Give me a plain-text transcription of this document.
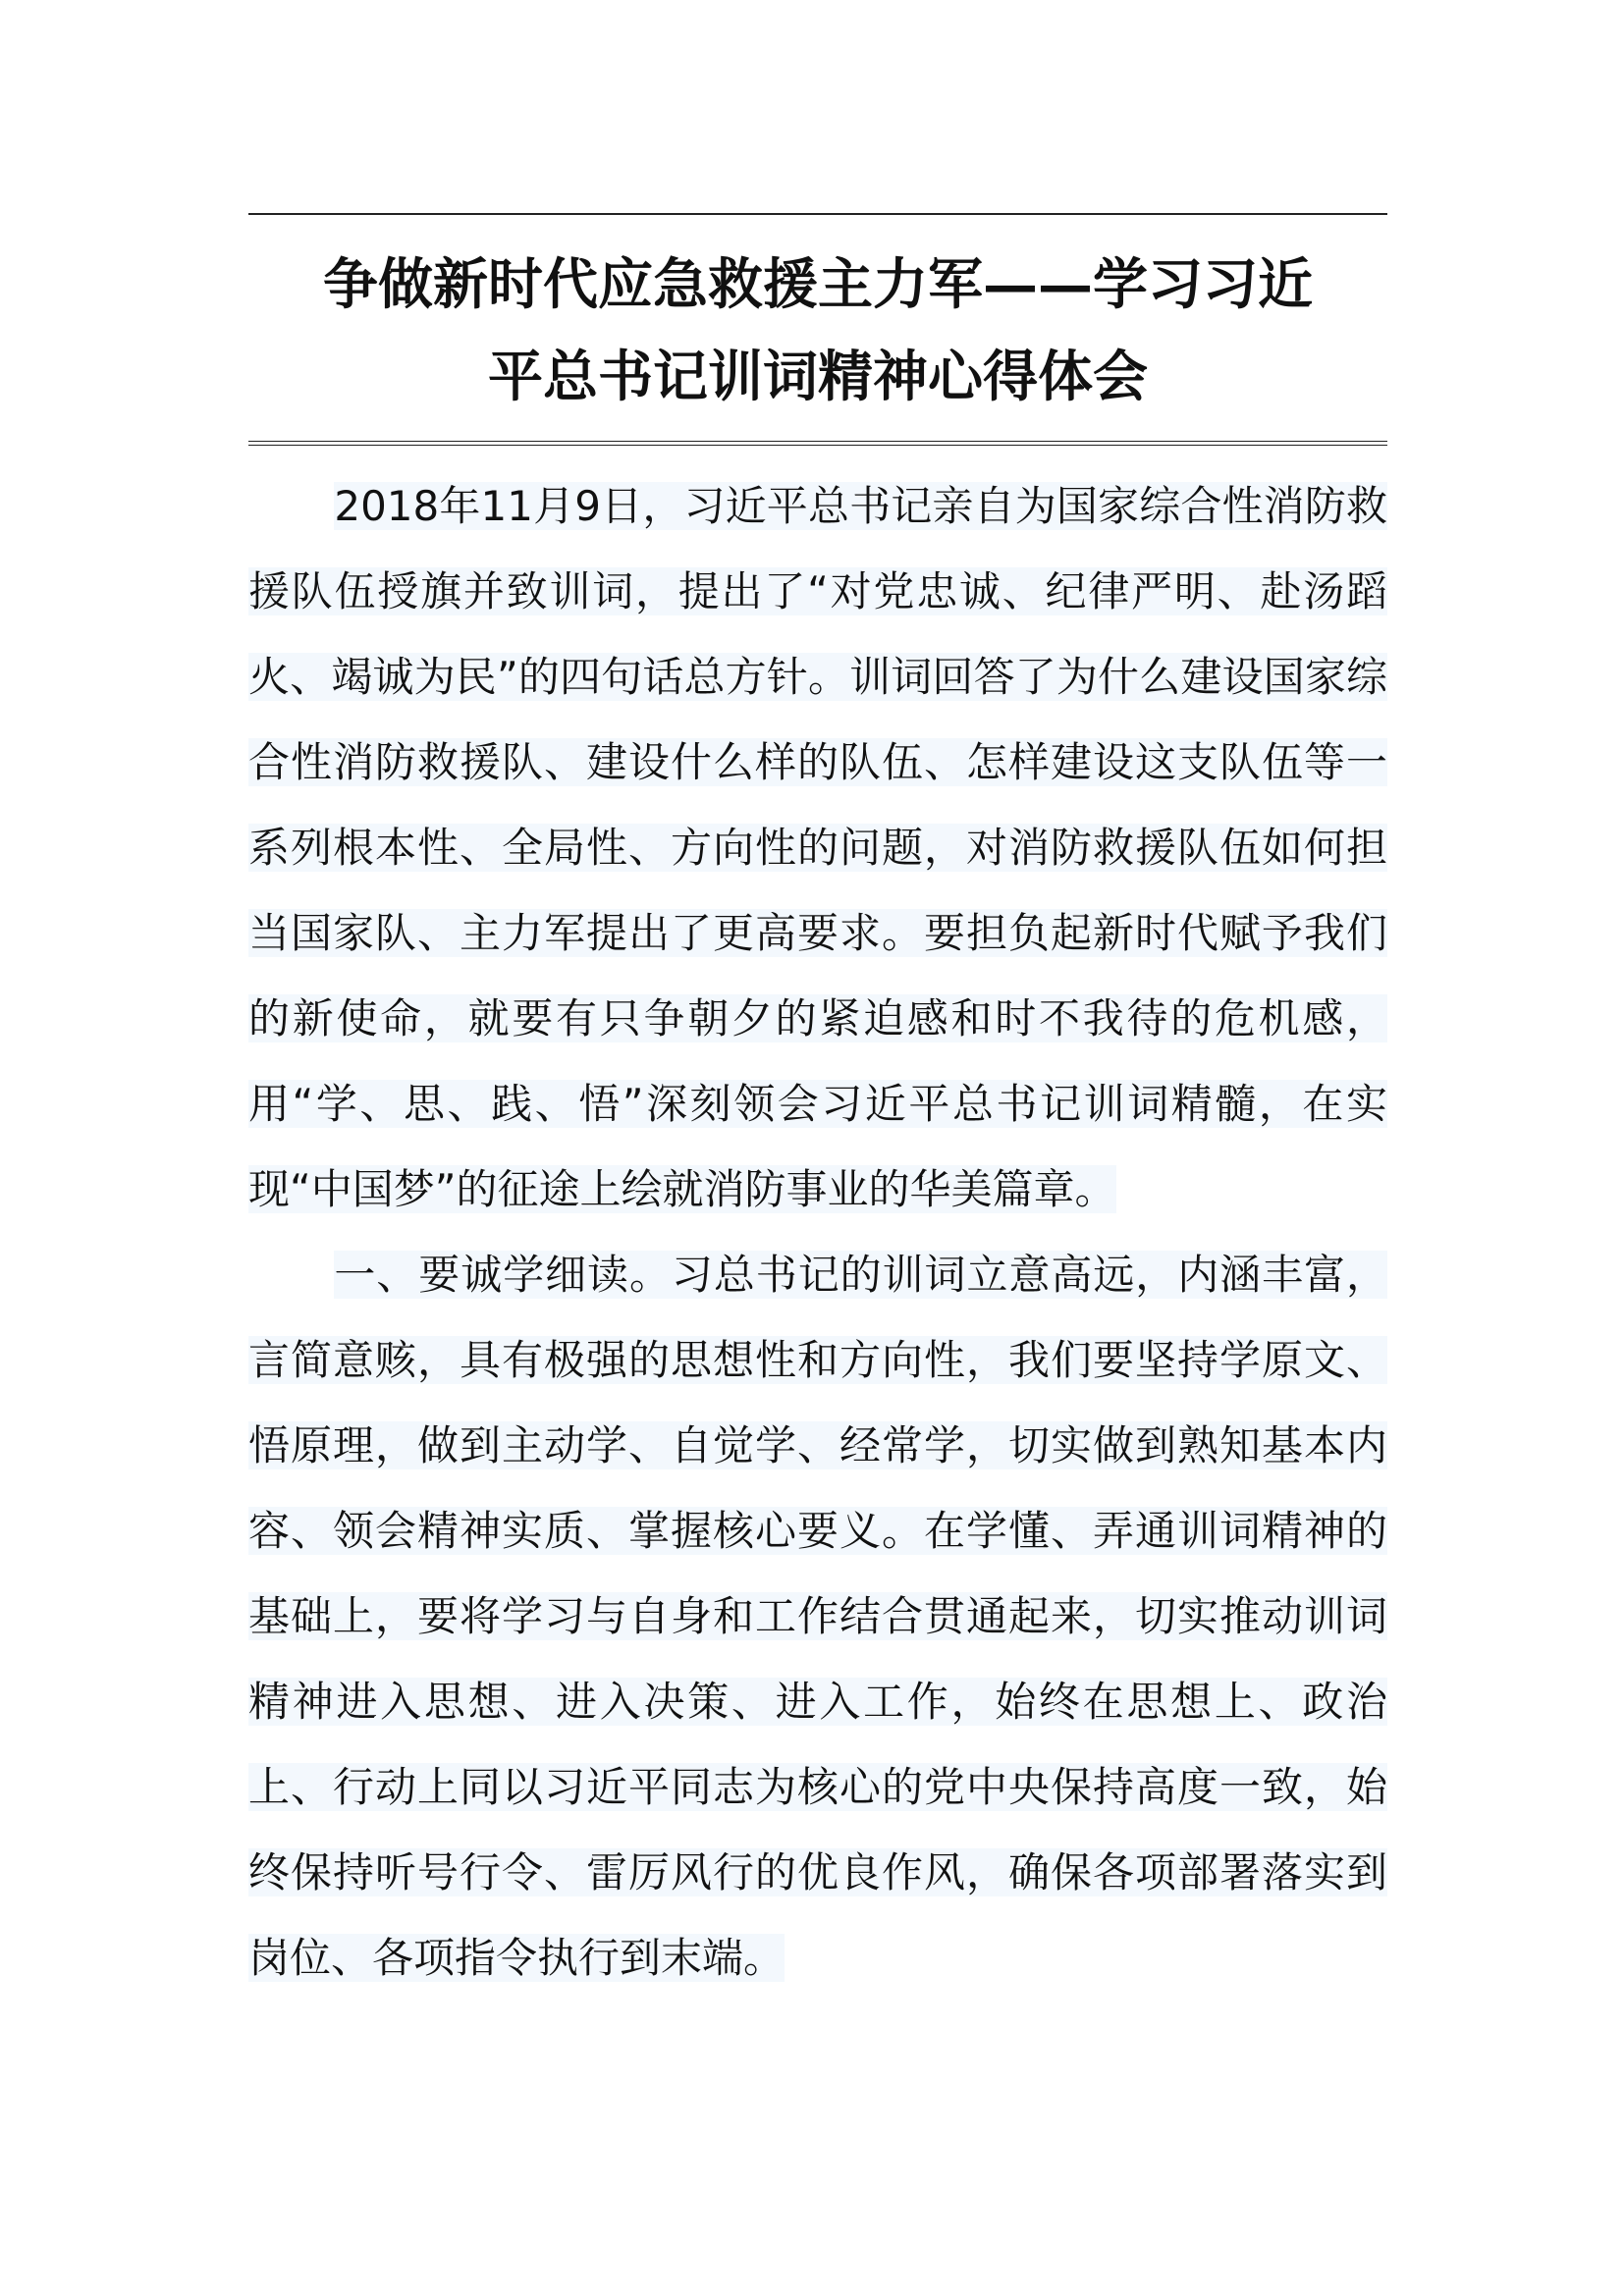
争做新时代应急救援主力军——学习习近
平总书记训词精神心得体会

2018年11月9日，习近平总书记亲自为国家综合性消防救援队伍授旗并致训词，提出了“对党忠诚、纪律严明、赴汤蹈火、竭诚为民”的四句话总方针。训词回答了为什么建设国家综合性消防救援队、建设什么样的队伍、怎样建设这支队伍等一系列根本性、全局性、方向性的问题，对消防救援队伍如何担当国家队、主力军提出了更高要求。要担负起新时代赋予我们的新使命，就要有只争朝夕的紧迫感和时不我待的危机感，用“学、思、践、悟”深刻领会习近平总书记训词精髓，在实现“中国梦”的征途上绘就消防事业的华美篇章。

一、要诚学细读。习总书记的训词立意高远，内涵丰富，言简意赅，具有极强的思想性和方向性，我们要坚持学原文、悟原理，做到主动学、自觉学、经常学，切实做到熟知基本内容、领会精神实质、掌握核心要义。在学懂、弄通训词精神的基础上，要将学习与自身和工作结合贯通起来，切实推动训词精神进入思想、进入决策、进入工作，始终在思想上、政治上、行动上同以习近平同志为核心的党中央保持高度一致，始终保持听号行令、雷厉风行的优良作风，确保各项部署落实到岗位、各项指令执行到末端。
